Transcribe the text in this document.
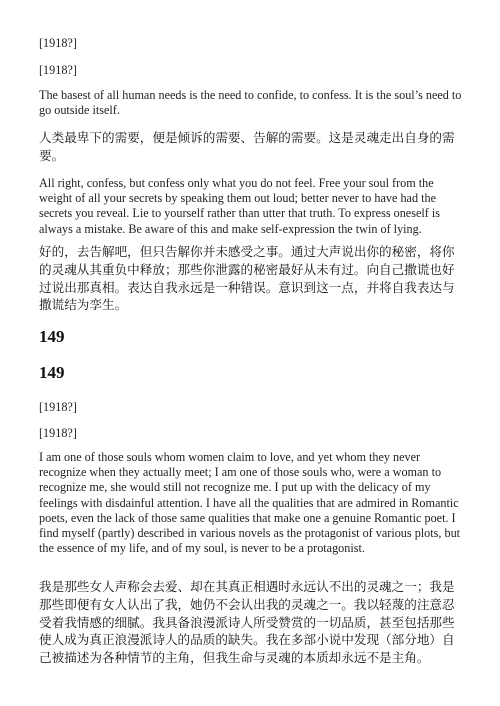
[1918?]

[1918?]

The basest of all human needs is the need to confide, to confess. It is the soul’s need to go outside itself.

人类最卑下的需要，便是倾诉的需要、告解的需要。这是灵魂走出自身的需要。

All right, confess, but confess only what you do not feel. Free your soul from the weight of all your secrets by speaking them out loud; better never to have had the secrets you reveal. Lie to yourself rather than utter that truth. To express oneself is always a mistake. Be aware of this and make self-expression the twin of lying.

好的，去告解吧，但只告解你并未感受之事。通过大声说出你的秘密，将你的灵魂从其重负中释放；那些你泄露的秘密最好从未有过。向自己撒谎也好过说出那真相。表达自我永远是一种错误。意识到这一点，并将自我表达与撒谎结为孪生。

149
149

[1918?]

[1918?]

I am one of those souls whom women claim to love, and yet whom they never recognize when they actually meet; I am one of those souls who, were a woman to recognize me, she would still not recognize me. I put up with the delicacy of my feelings with disdainful attention. I have all the qualities that are admired in Romantic poets, even the lack of those same qualities that make one a genuine Romantic poet. I find myself (partly) described in various novels as the protagonist of various plots, but the essence of my life, and of my soul, is never to be a protagonist.

我是那些女人声称会去爱、却在其真正相遇时永远认不出的灵魂之一；我是那些即便有女人认出了我，她仍不会认出我的灵魂之一。我以轻蔑的注意忍受着我情感的细腻。我具备浪漫派诗人所受赞赏的一切品质，甚至包括那些使人成为真正浪漫派诗人的品质的缺失。我在多部小说中发现（部分地）自己被描述为各种情节的主角，但我生命与灵魂的本质却永远不是主角。
